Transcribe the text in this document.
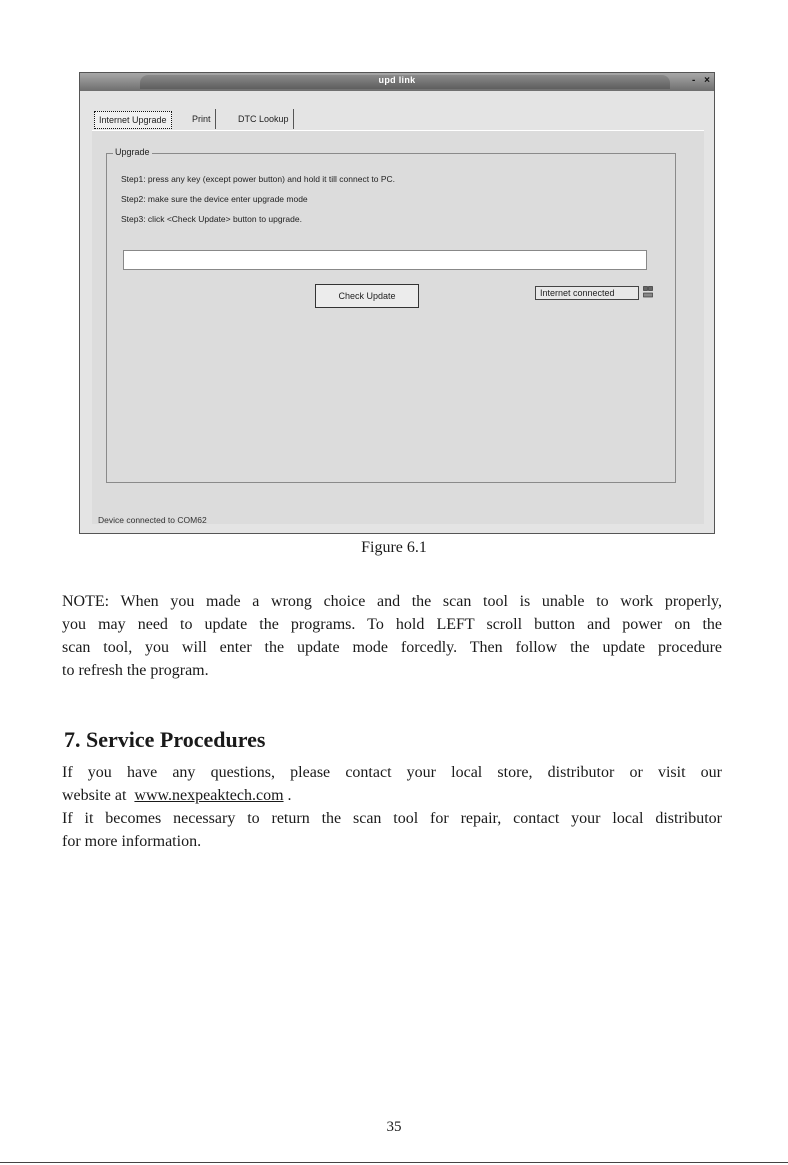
upd link	- ×
Internet Upgrade	Print	DTC Lookup
Upgrade
Step1: press any key (except power button) and hold it till connect to PC.
Step2: make sure the device enter upgrade mode
Step3: click <Check Update> button to upgrade.
Check Update	Internet connected
Device connected to COM62
Figure 6.1
NOTE: When you made a wrong choice and the scan tool is unable to work properly,
you may need to update the programs. To hold LEFT scroll button and power on the
scan tool, you will enter the update mode forcedly. Then follow the update procedure
to refresh the program.
7. Service Procedures
If you have any questions, please contact your local store, distributor or visit our
website at www.nexpeaktech.com .
If it becomes necessary to return the scan tool for repair, contact your local distributor
for more information.
35
